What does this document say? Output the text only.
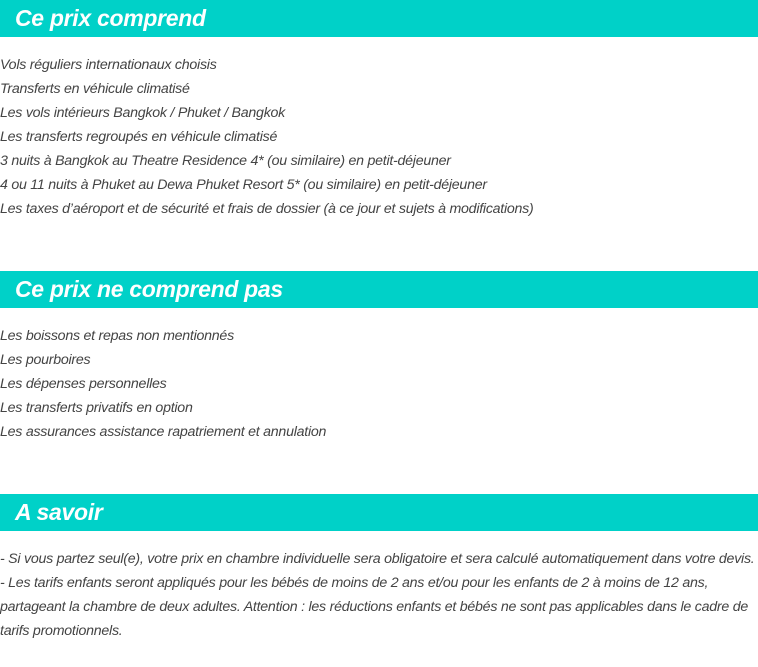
Ce prix comprend
Vols réguliers internationaux choisis
Transferts en véhicule climatisé
Les vols intérieurs Bangkok / Phuket / Bangkok
Les transferts regroupés en véhicule climatisé
3 nuits à Bangkok au Theatre Residence 4* (ou similaire) en petit-déjeuner
4 ou 11 nuits à Phuket au Dewa Phuket Resort 5* (ou similaire) en petit-déjeuner
Les taxes d’aéroport et de sécurité et frais de dossier (à ce jour et sujets à modifications)
Ce prix ne comprend pas
Les boissons et repas non mentionnés
Les pourboires
Les dépenses personnelles
Les transferts privatifs en option
Les assurances assistance rapatriement et annulation
A savoir

- Si vous partez seul(e), votre prix en chambre individuelle sera obligatoire et sera calculé automatiquement dans votre devis.

- Les tarifs enfants seront appliqués pour les bébés de moins de 2 ans et/ou pour les enfants de 2 à moins de 12 ans, partageant la chambre de deux adultes. Attention : les réductions enfants et bébés ne sont pas applicables dans le cadre de tarifs promotionnels.
